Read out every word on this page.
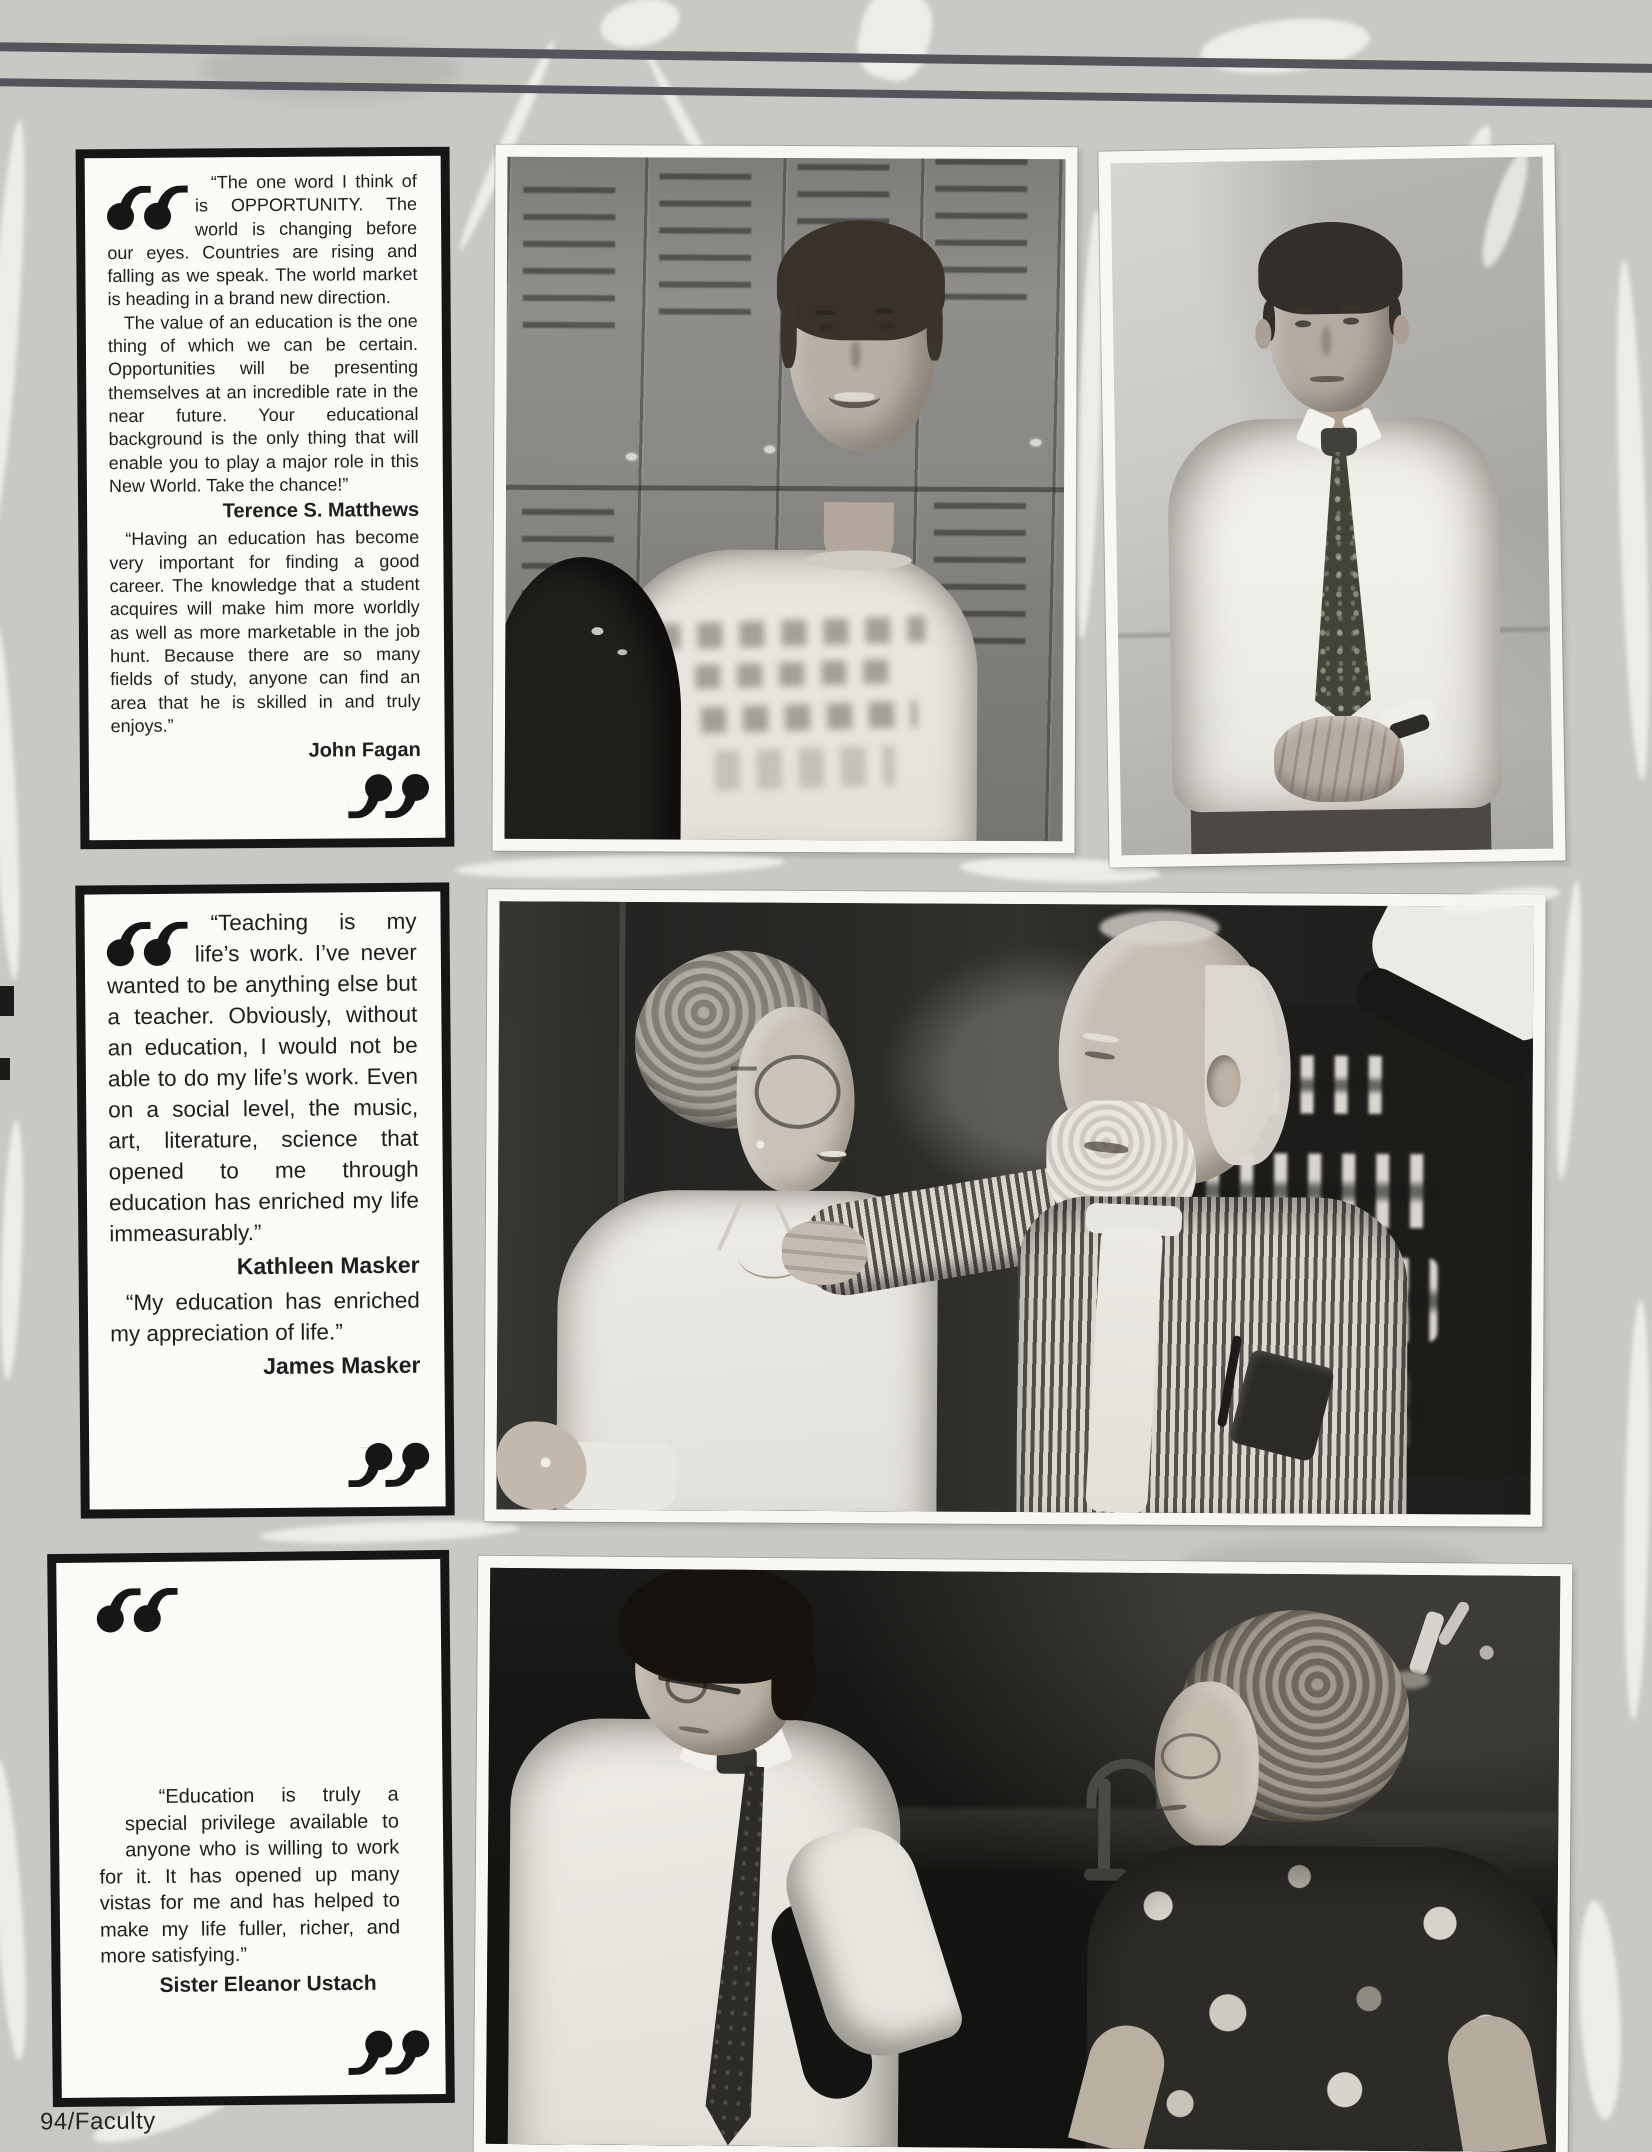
“The one word I think of is OPPORTUNITY. The world is changing before our eyes. Countries are rising and falling as we speak. The world market is heading in a brand new direction.

The value of an education is the one thing of which we can be certain. Opportunities will be presenting themselves at an incredible rate in the near future. Your educational background is the only thing that will enable you to play a major role in this New World. Take the chance!”

Terence S. Matthews

“Having an education has become very important for finding a good career. The knowledge that a student acquires will make him more worldly as well as more marketable in the job hunt. Because there are so many fields of study, anyone can find an area that he is skilled in and truly enjoys.”

John Fagan

“Teaching is my life’s work. I’ve never wanted to be anything else but a teacher. Obviously, without an education, I would not be able to do my life’s work. Even on a social level, the music, art, literature, science that opened to me through education has enriched my life immeasurably.”

Kathleen Masker

“My education has enriched my appreciation of life.”

James Masker

“Education is truly a special privilege available to anyone who is willing to work for it. It has opened up many vistas for me and has helped to make my life fuller, richer, and more satisfying.”

Sister Eleanor Ustach

94/Faculty
